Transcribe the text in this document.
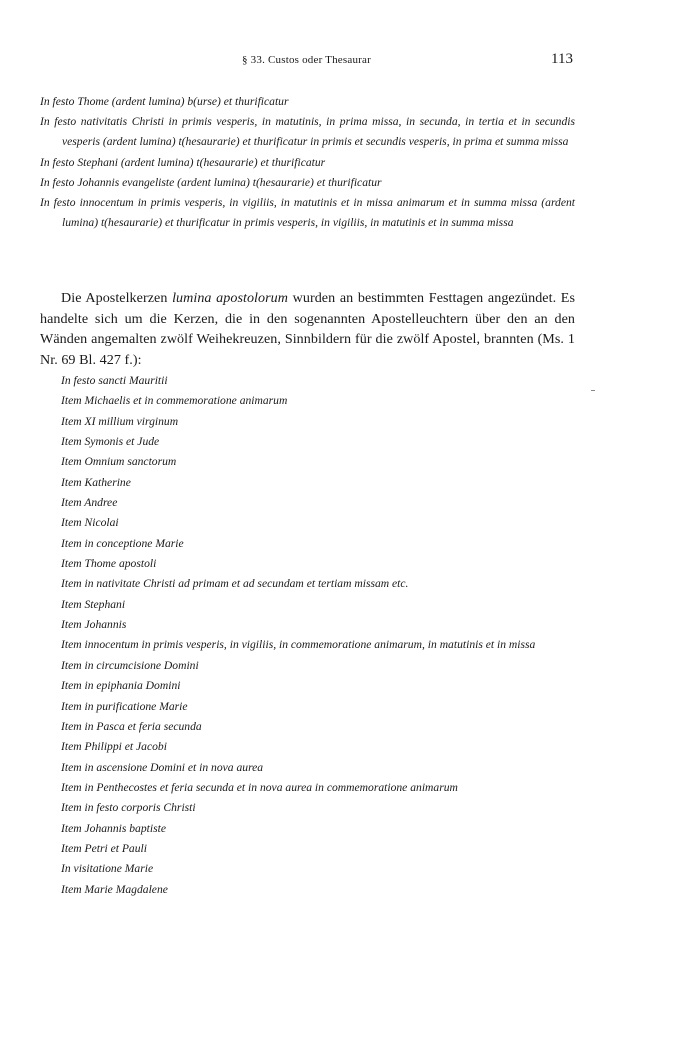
§ 33. Custos oder Thesaurar	113
In festo Thome (ardent lumina) b(urse) et thurificatur
In festo nativitatis Christi in primis vesperis, in matutinis, in prima missa, in secunda, in tertia et in secundis vesperis (ardent lumina) t(hesaurarie) et thurificatur in primis et secundis vesperis, in prima et summa missa
In festo Stephani (ardent lumina) t(hesaurarie) et thurificatur
In festo Johannis evangeliste (ardent lumina) t(hesaurarie) et thurificatur
In festo innocentum in primis vesperis, in vigiliis, in matutinis et in missa animarum et in summa missa (ardent lumina) t(hesaurarie) et thurificatur in primis vesperis, in vigiliis, in matutinis et in summa missa

Die Apostelkerzen lumina apostolorum wurden an bestimmten Festtagen angezündet. Es handelte sich um die Kerzen, die in den sogenannten Apostelleuchtern über den an den Wänden angemalten zwölf Weihekreuzen, Sinnbildern für die zwölf Apostel, brannten (Ms. 1 Nr. 69 Bl. 427 f.):

In festo sancti Mauritii
Item Michaelis et in commemoratione animarum
Item XI millium virginum
Item Symonis et Jude
Item Omnium sanctorum
Item Katherine
Item Andree
Item Nicolai
Item in conceptione Marie
Item Thome apostoli
Item in nativitate Christi ad primam et ad secundam et tertiam missam etc.
Item Stephani
Item Johannis
Item innocentum in primis vesperis, in vigiliis, in commemoratione animarum, in matutinis et in missa
Item in circumcisione Domini
Item in epiphania Domini
Item in purificatione Marie
Item in Pasca et feria secunda
Item Philippi et Jacobi
Item in ascensione Domini et in nova aurea
Item in Penthecostes et feria secunda et in nova aurea in commemoratione animarum
Item in festo corporis Christi
Item Johannis baptiste
Item Petri et Pauli
In visitatione Marie
Item Marie Magdalene
